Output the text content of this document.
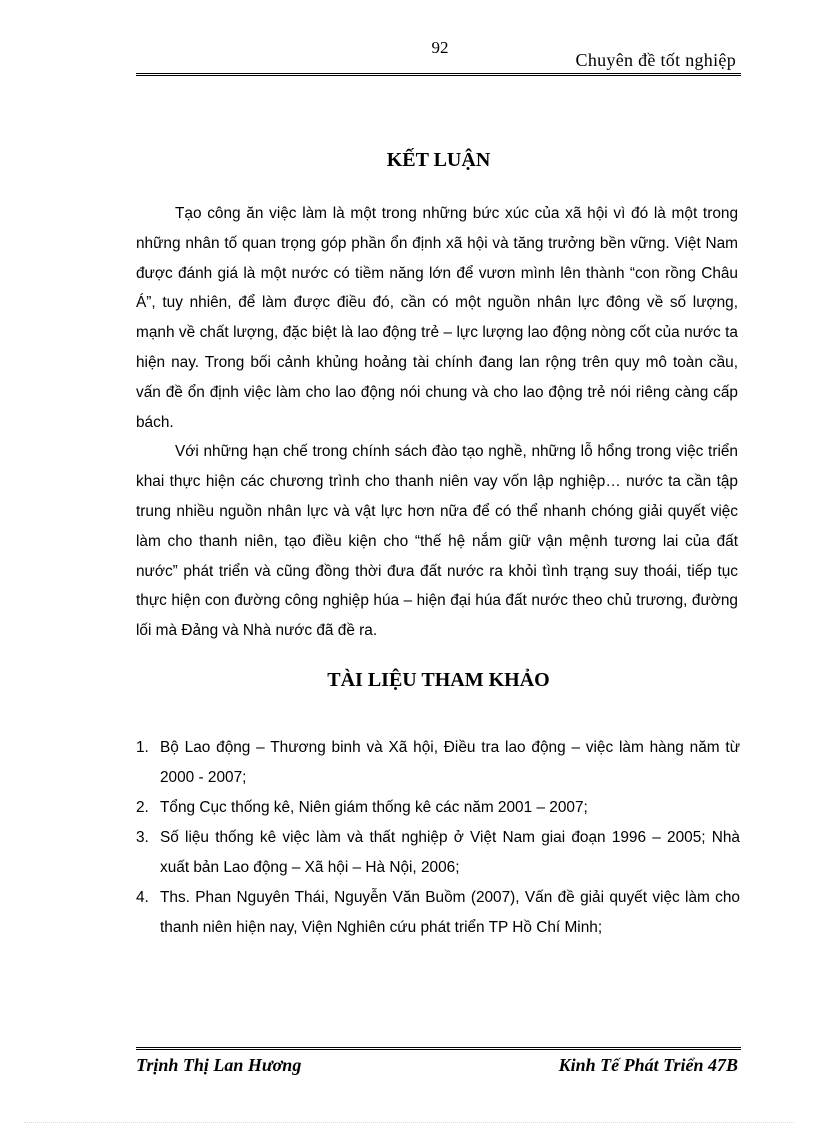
92
Chuyên đề tốt nghiệp
KẾT LUẬN

Tạo công ăn việc làm là một trong những bức xúc của xã hội vì đó là một trong những nhân tố quan trọng góp phần ổn định xã hội và tăng trưởng bền vững. Việt Nam được đánh giá là một nước có tiềm năng lớn để vươn mình lên thành “con rồng Châu Á”, tuy nhiên, để làm được điều đó, cần có một nguồn nhân lực đông về số lượng, mạnh về chất lượng, đặc biệt là lao động trẻ – lực lượng lao động nòng cốt của nước ta hiện nay. Trong bối cảnh khủng hoảng tài chính đang lan rộng trên quy mô toàn cầu, vấn đề ổn định việc làm cho lao động nói chung và cho lao động trẻ nói riêng càng cấp bách.

Với những hạn chế trong chính sách đào tạo nghề, những lỗ hổng trong việc triển khai thực hiện các chương trình cho thanh niên vay vốn lập nghiệp… nước ta cần tập trung nhiều nguồn nhân lực và vật lực hơn nữa để có thể nhanh chóng giải quyết việc làm cho thanh niên, tạo điều kiện cho “thế hệ nắm giữ vận mệnh tương lai của đất nước” phát triển và cũng đồng thời đưa đất nước ra khỏi tình trạng suy thoái, tiếp tục thực hiện con đường công nghiệp húa – hiện đại húa đất nước theo chủ trương, đường lối mà Đảng và Nhà nước đã đề ra.

TÀI LIỆU THAM KHẢO
1. Bộ Lao động – Thương binh và Xã hội, Điều tra lao động – việc làm hàng năm từ 2000 - 2007;
2. Tổng Cục thống kê, Niên giám thống kê các năm 2001 – 2007;
3. Số liệu thống kê việc làm và thất nghiệp ở Việt Nam giai đoạn 1996 – 2005; Nhà xuất bản Lao động – Xã hội – Hà Nội, 2006;
4. Ths. Phan Nguyên Thái, Nguyễn Văn Buồm (2007), Vấn đề giải quyết việc làm cho thanh niên hiện nay, Viện Nghiên cứu phát triển TP Hồ Chí Minh;
Trịnh Thị Lan Hương	Kinh Tế Phát Triển 47B
